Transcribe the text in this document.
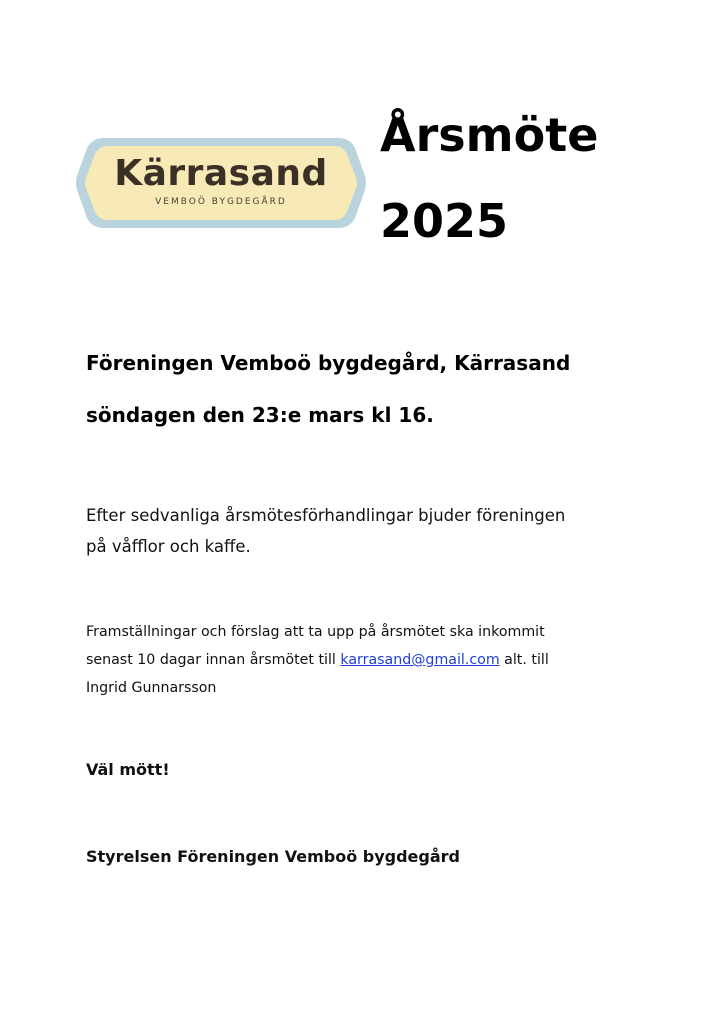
Kärrasand
VEMBOÖ BYGDEGÅRD
Årsmöte
2025
Föreningen Vemboö bygdegård, Kärrasand
söndagen den 23:e mars kl 16.
Efter sedvanliga årsmötesförhandlingar bjuder föreningen
på våfflor och kaffe.
Framställningar och förslag att ta upp på årsmötet ska inkommit
senast 10 dagar innan årsmötet till karrasand@gmail.com alt. till
Ingrid Gunnarsson
Väl mött!
Styrelsen Föreningen Vemboö bygdegård
